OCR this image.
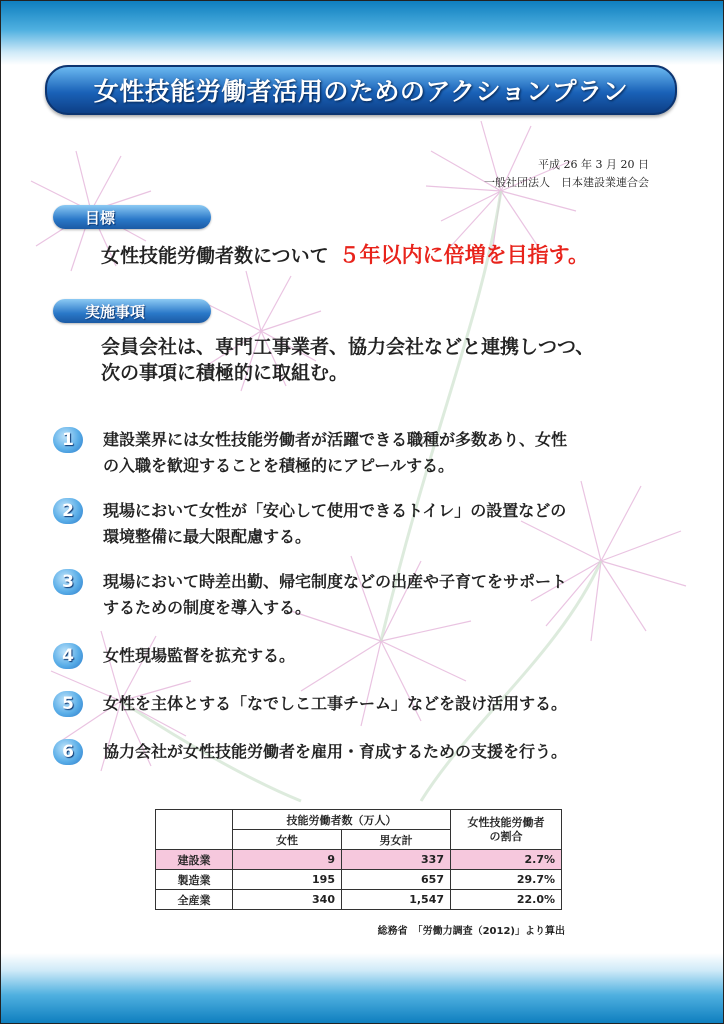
女性技能労働者活用のためのアクションプラン
平成 26 年 3 月 20 日
一般社団法人　日本建設業連合会
目標
女性技能労働者数について ５年以内に倍増を目指す。
実施事項
会員会社は、専門工事業者、協力会社などと連携しつつ、
次の事項に積極的に取組む。
1	建設業界には女性技能労働者が活躍できる職種が多数あり、女性
の入職を歓迎することを積極的にアピールする。
2	現場において女性が「安心して使用できるトイレ」の設置などの
環境整備に最大限配慮する。
3	現場において時差出勤、帰宅制度などの出産や子育てをサポート
するための制度を導入する。
4	女性現場監督を拡充する。
5	女性を主体とする「なでしこ工事チーム」などを設け活用する。
6	協力会社が女性技能労働者を雇用・育成するための支援を行う。
	技能労働者数（万人）		女性技能労働者
の割合

	女性	男女計	
建設業	9	337	2.7%
製造業	195	657	29.7%
全産業	340	1,547	22.0%
総務省　「労働力調査（2012)」より算出
